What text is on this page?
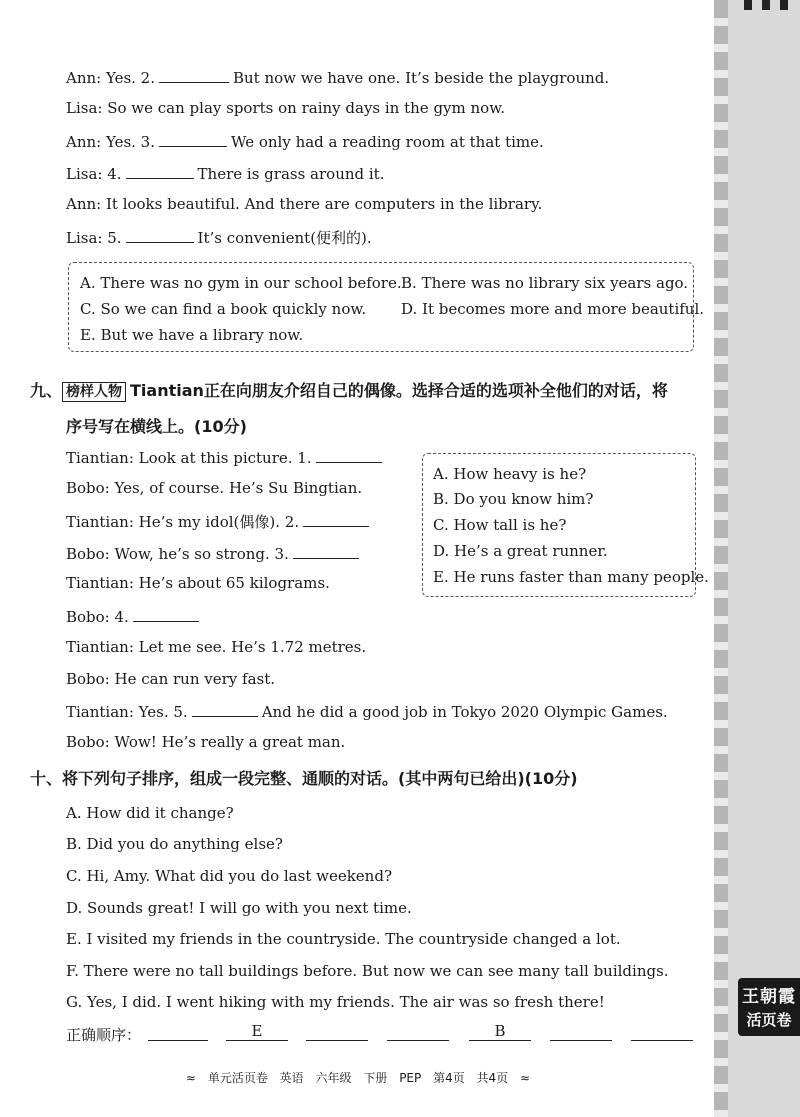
王朝霞
活页卷
Ann: Yes. 2.	But now we have one. It’s beside the playground.
Lisa: So we can play sports on rainy days in the gym now.
Ann: Yes. 3.	We only had a reading room at that time.
Lisa: 4.	There is grass around it.
Ann: It looks beautiful. And there are computers in the library.
Lisa: 5.	It’s convenient(便利的).
A. There was no gym in our school before. B. There was no library six years ago.
C. So we can find a book quickly now. D. It becomes more and more beautiful.
E. But we have a library now.
九、 榜样人物 Tiantian正在向朋友介绍自己的偶像。选择合适的选项补全他们的对话，将
序号写在横线上。(10分)
Tiantian: Look at this picture. 1.
Bobo: Yes, of course. He’s Su Bingtian.
Tiantian: He’s my idol(偶像). 2.
Bobo: Wow, he’s so strong. 3.
Tiantian: He’s about 65 kilograms.
Bobo: 4.
Tiantian: Let me see. He’s 1.72 metres.
Bobo: He can run very fast.
Tiantian: Yes. 5.	And he did a good job in Tokyo 2020 Olympic Games.
Bobo: Wow! He’s really a great man.
A. How heavy is he?
B. Do you know him?
C. How tall is he?
D. He’s a great runner.
E. He runs faster than many people.
十、将下列句子排序，组成一段完整、通顺的对话。(其中两句已给出)(10分)
A. How did it change?
B. Did you do anything else?
C. Hi, Amy. What did you do last weekend?
D. Sounds great! I will go with you next time.
E. I visited my friends in the countryside. The countryside changed a lot.
F. There were no tall buildings before. But now we can see many tall buildings.
G. Yes, I did. I went hiking with my friends. The air was so fresh there!
正确顺序：	E	B
≈ 单元活页卷 英语 六年级 下册 PEP 第4页 共4页 ≈
